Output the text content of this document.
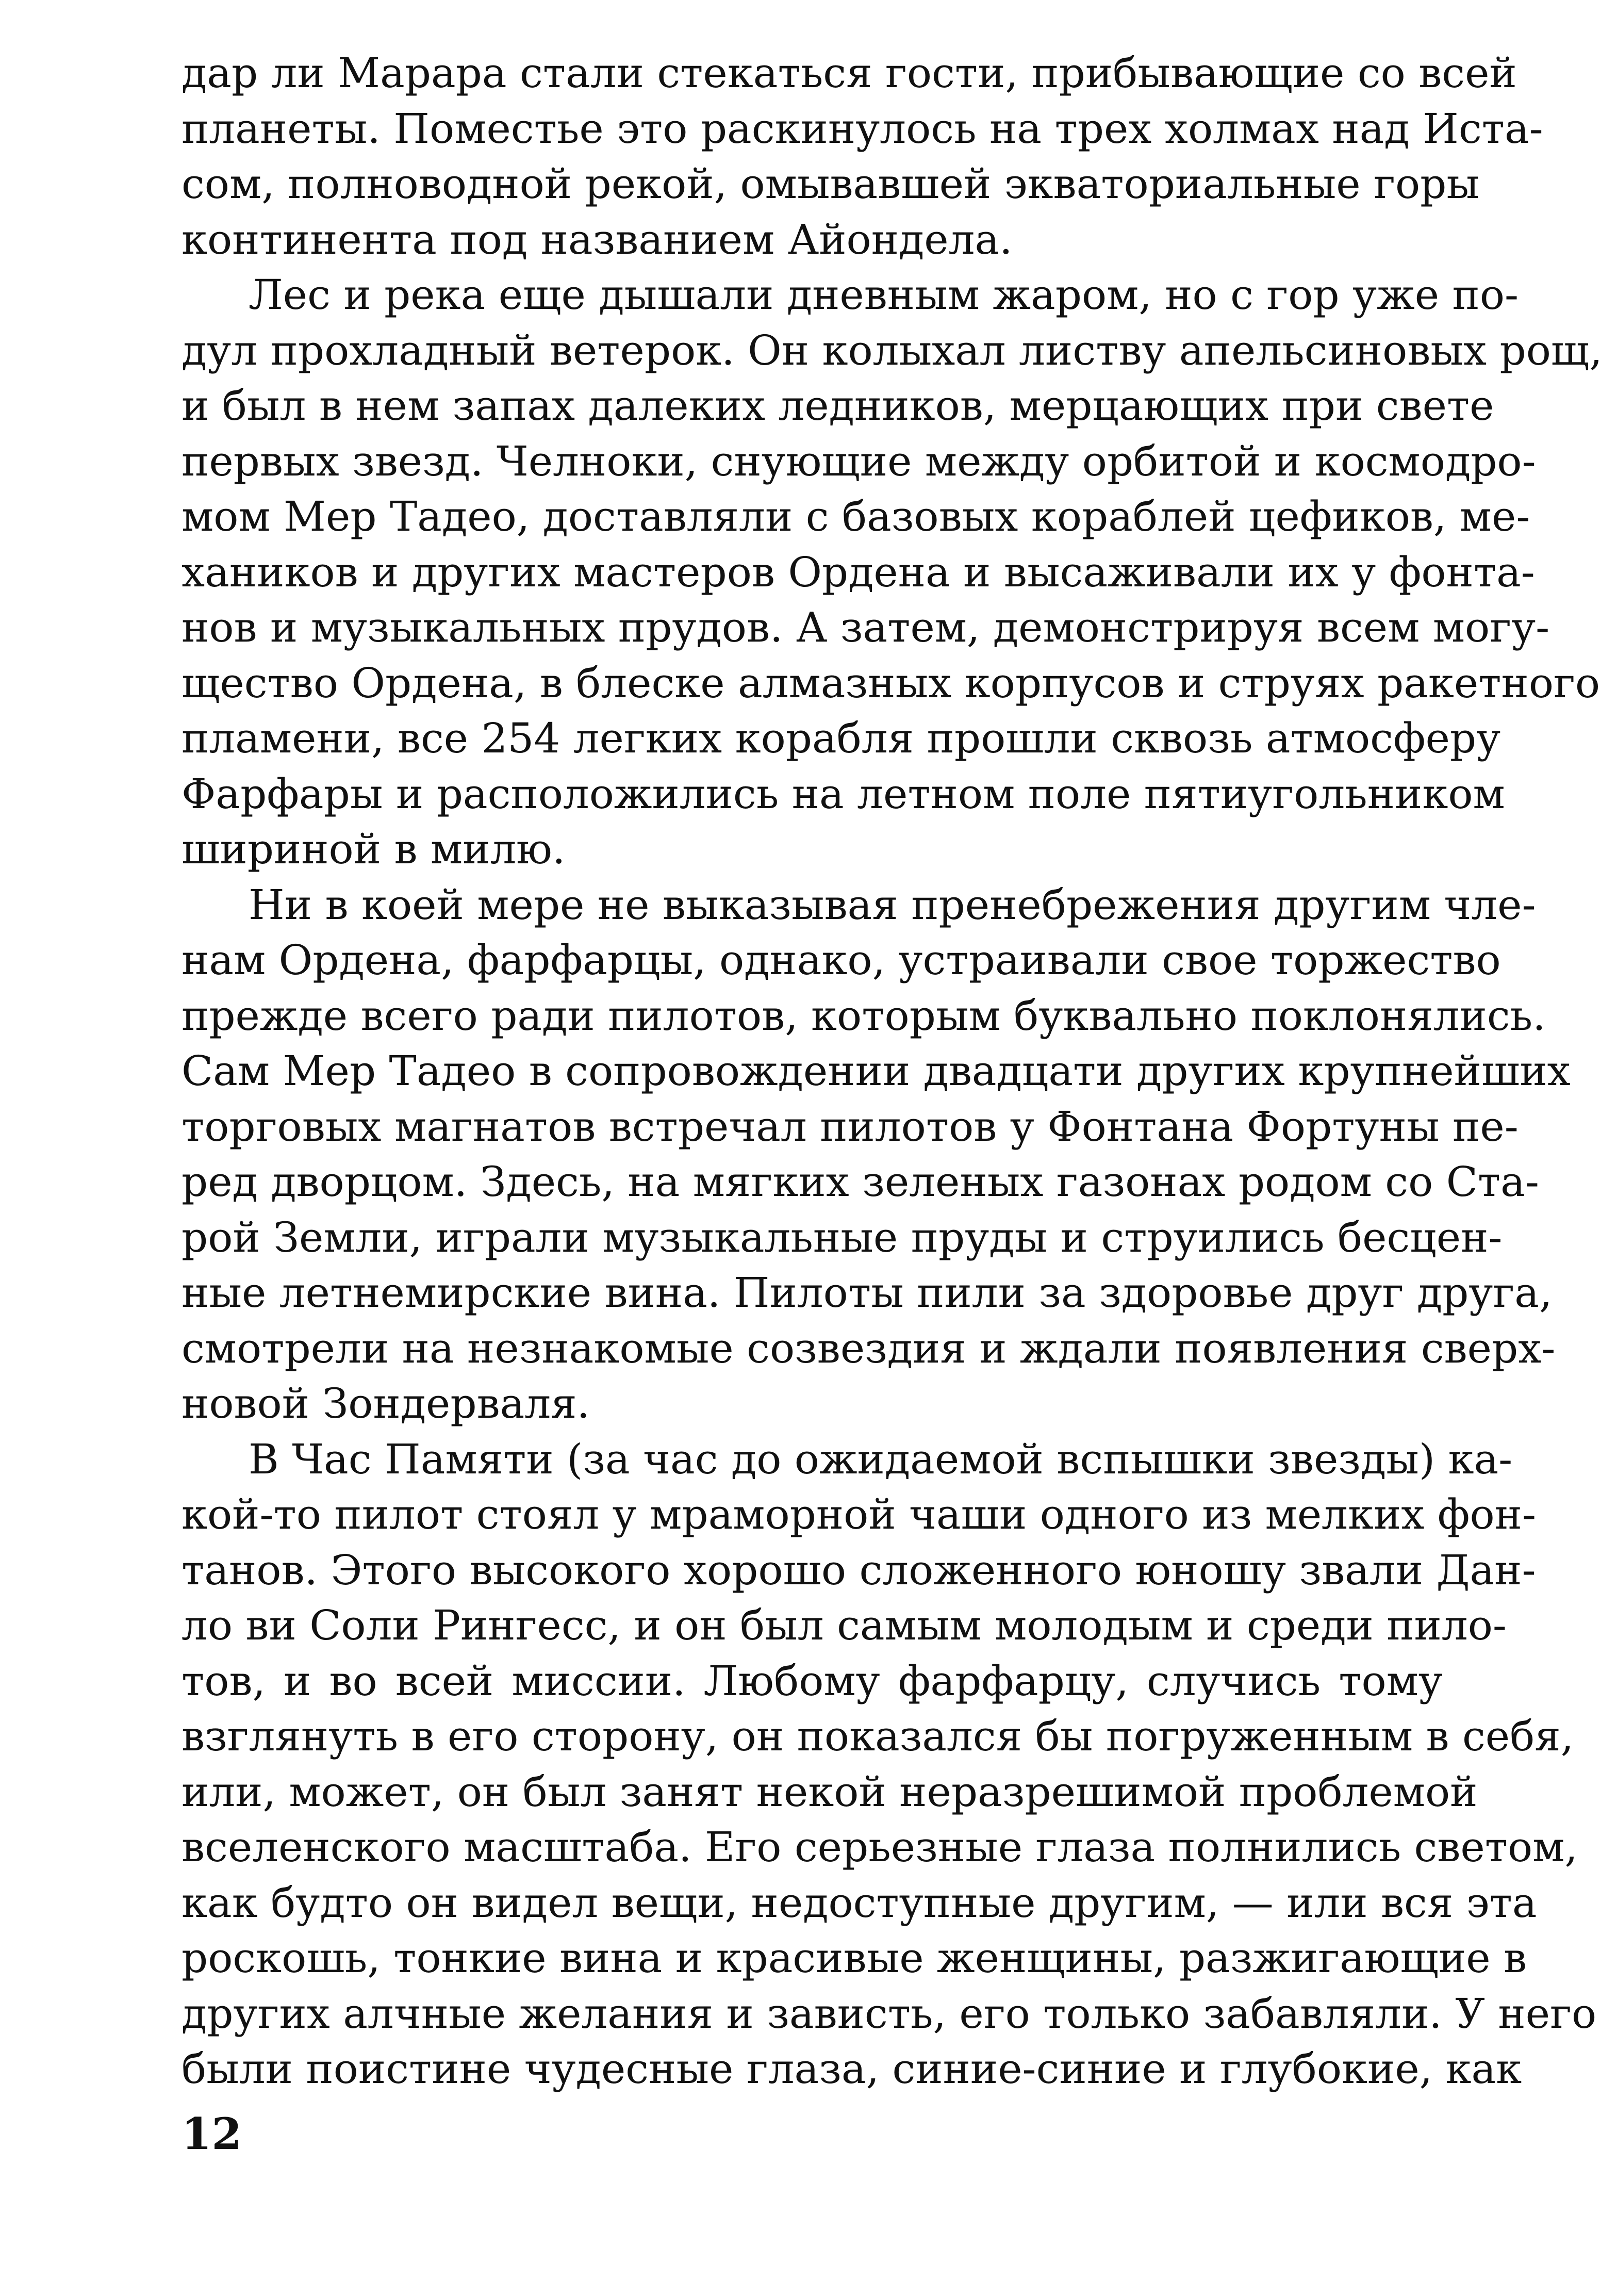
дар ли Марара стали стекаться гости, прибывающие со всей
планеты. Поместье это раскинулось на трех холмах над Иста-
сом, полноводной рекой, омывавшей экваториальные горы
континента под названием Айондела.
Лес и река еще дышали дневным жаром, но с гор уже по-
дул прохладный ветерок. Он колыхал листву апельсиновых рощ,
и был в нем запах далеких ледников, мерцающих при свете
первых звезд. Челноки, снующие между орбитой и космодро-
мом Мер Тадео, доставляли с базовых кораблей цефиков, ме-
хаников и других мастеров Ордена и высаживали их у фонта-
нов и музыкальных прудов. А затем, демонстрируя всем могу-
щество Ордена, в блеске алмазных корпусов и струях ракетного
пламени, все 254 легких корабля прошли сквозь атмосферу
Фарфары и расположились на летном поле пятиугольником
шириной в милю.
Ни в коей мере не выказывая пренебрежения другим чле-
нам Ордена, фарфарцы, однако, устраивали свое торжество
прежде всего ради пилотов, которым буквально поклонялись.
Сам Мер Тадео в сопровождении двадцати других крупнейших
торговых магнатов встречал пилотов у Фонтана Фортуны пе-
ред дворцом. Здесь, на мягких зеленых газонах родом со Ста-
рой Земли, играли музыкальные пруды и струились бесцен-
ные летнемирские вина. Пилоты пили за здоровье друг друга,
смотрели на незнакомые созвездия и ждали появления сверх-
новой Зондерваля.
В Час Памяти (за час до ожидаемой вспышки звезды) ка-
кой-то пилот стоял у мраморной чаши одного из мелких фон-
танов. Этого высокого хорошо сложенного юношу звали Дан-
ло ви Соли Рингесс, и он был самым молодым и среди пило-
тов, и во всей миссии. Любому фарфарцу, случись тому
взглянуть в его сторону, он показался бы погруженным в себя,
или, может, он был занят некой неразрешимой проблемой
вселенского масштаба. Его серьезные глаза полнились светом,
как будто он видел вещи, недоступные другим, — или вся эта
роскошь, тонкие вина и красивые женщины, разжигающие в
других алчные желания и зависть, его только забавляли. У него
были поистине чудесные глаза, синие-синие и глубокие, как
12
